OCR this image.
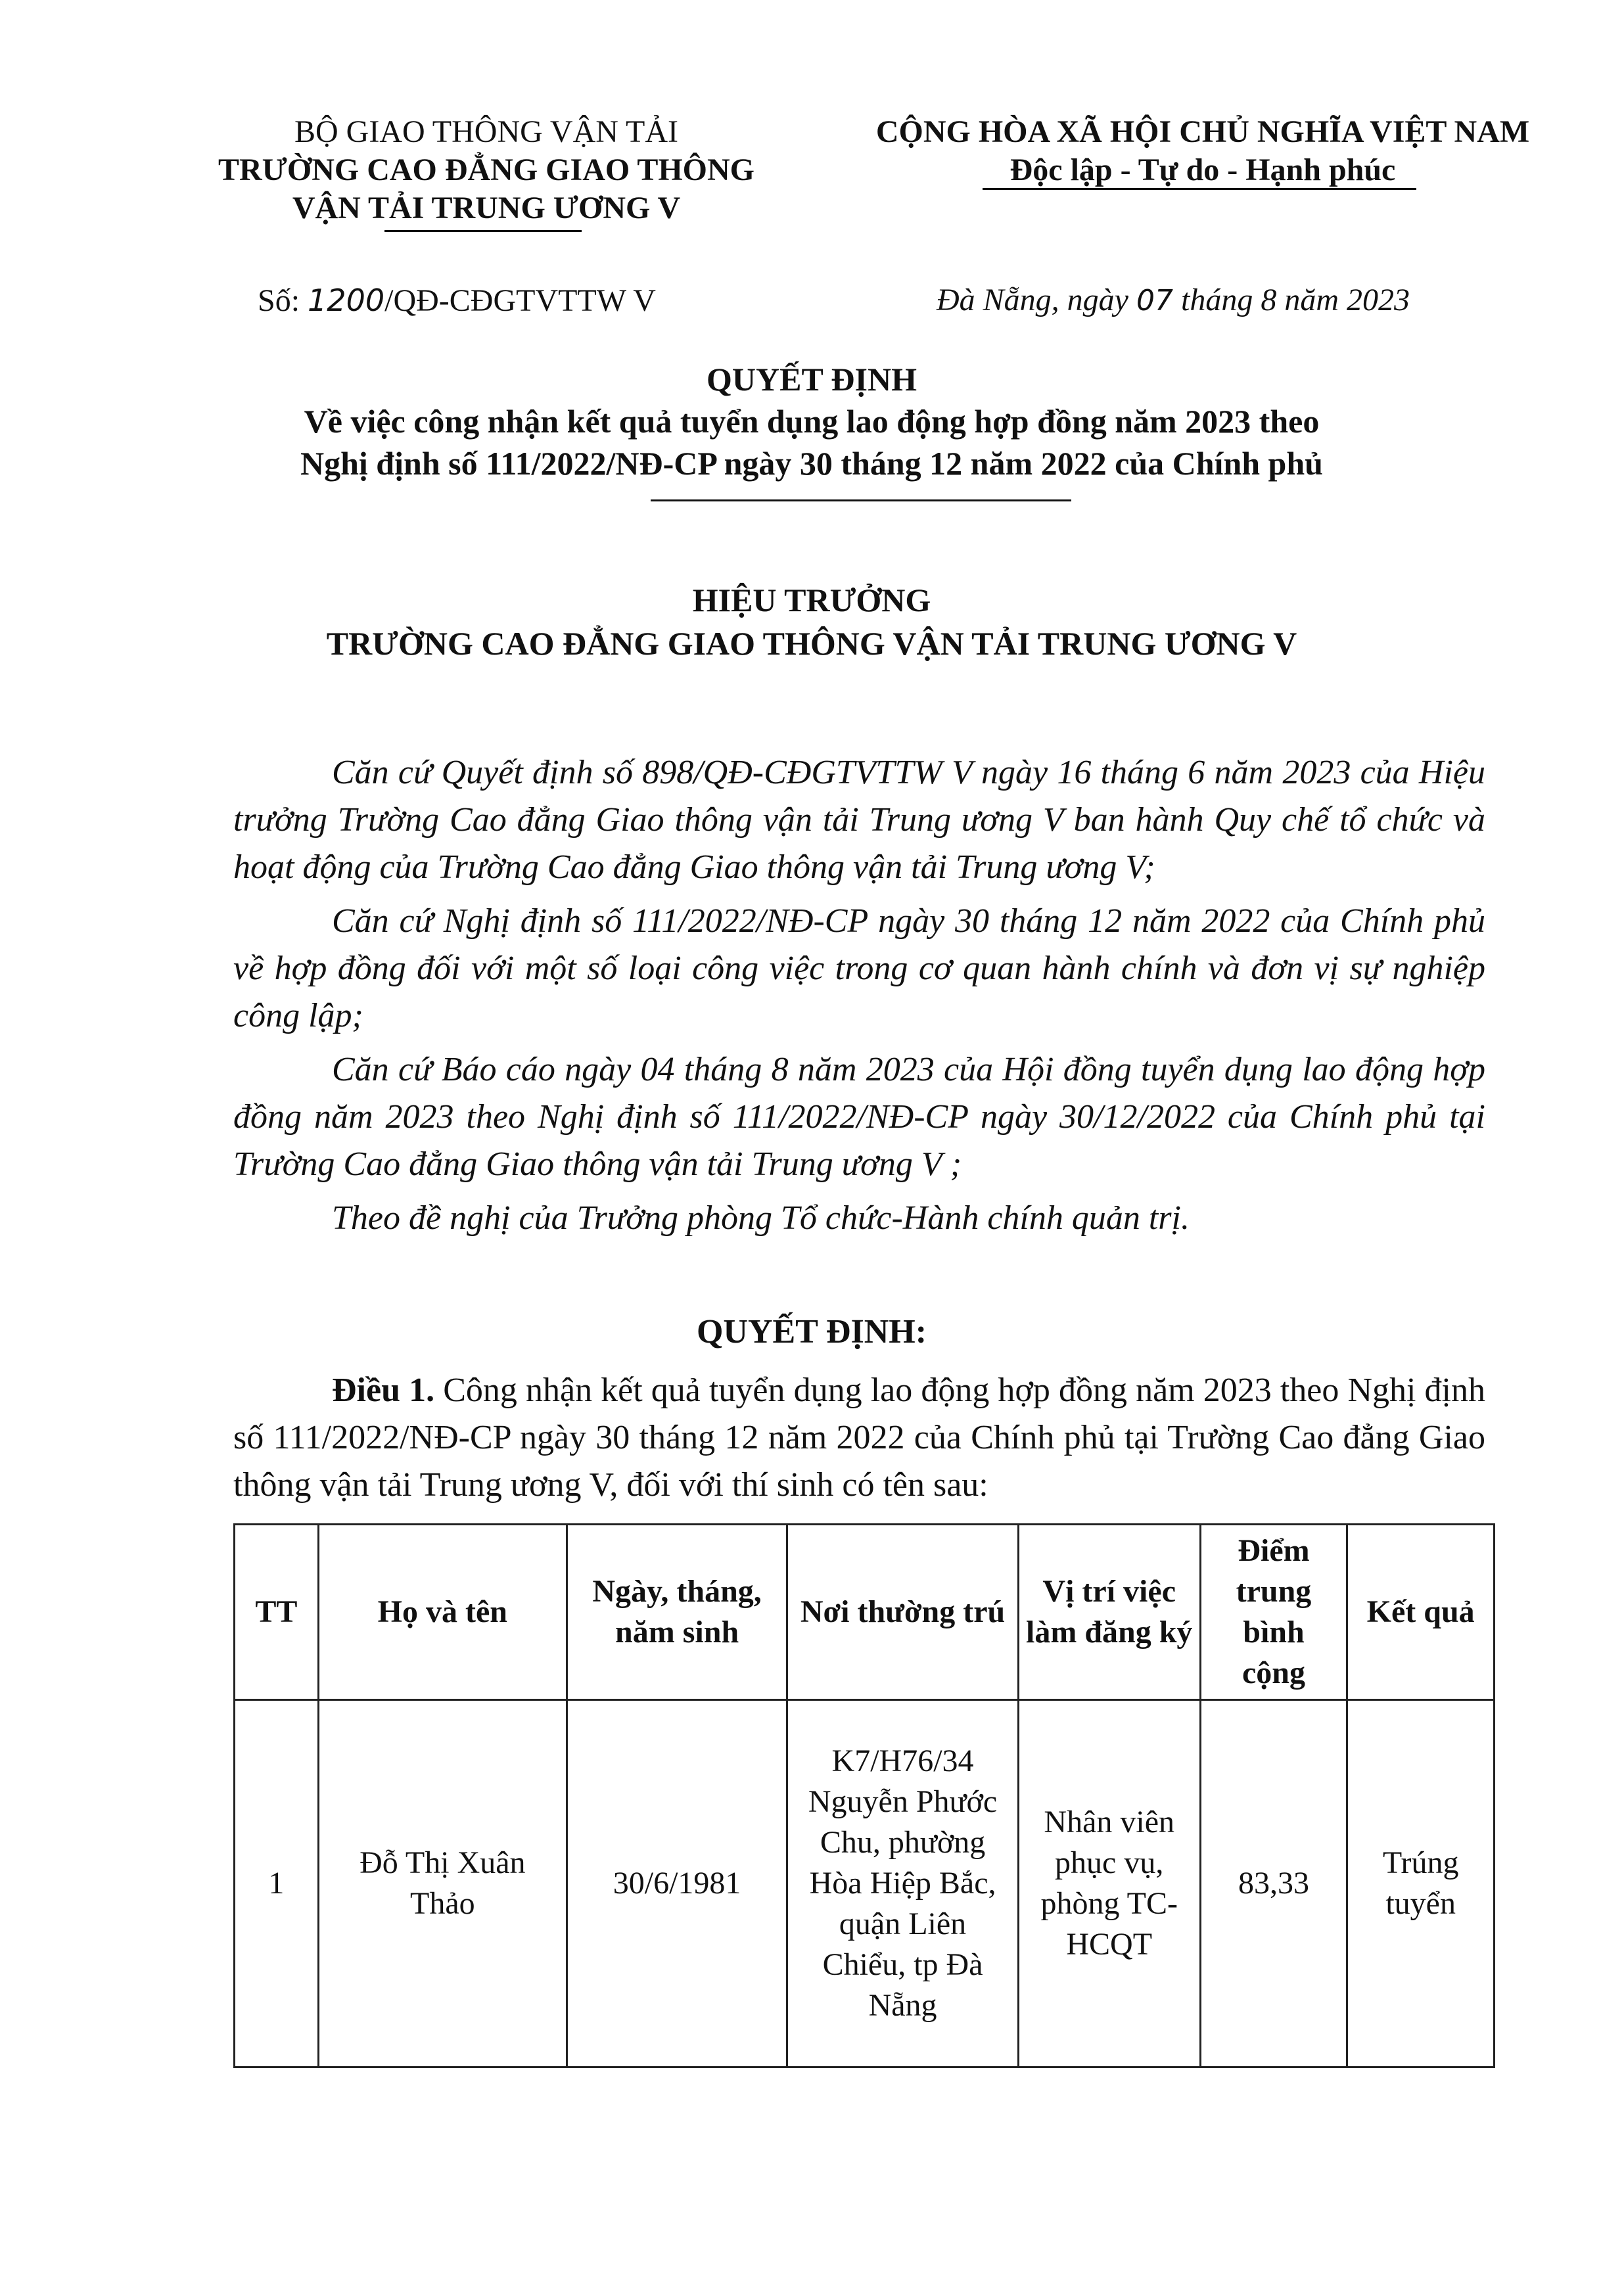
BỘ GIAO THÔNG VẬN TẢI
TRƯỜNG CAO ĐẲNG GIAO THÔNG
VẬN TẢI TRUNG ƯƠNG V
CỘNG HÒA XÃ HỘI CHỦ NGHĨA VIỆT NAM
Độc lập - Tự do - Hạnh phúc
Số: 1200/QĐ-CĐGTVTTW V	Đà Nẵng, ngày 07 tháng 8 năm 2023
QUYẾT ĐỊNH
Về việc công nhận kết quả tuyển dụng lao động hợp đồng năm 2023 theo
Nghị định số 111/2022/NĐ-CP ngày 30 tháng 12 năm 2022 của Chính phủ
HIỆU TRƯỞNG
TRƯỜNG CAO ĐẲNG GIAO THÔNG VẬN TẢI TRUNG ƯƠNG V
Căn cứ Quyết định số 898/QĐ-CĐGTVTTW V ngày 16 tháng 6 năm 2023 của Hiệu trưởng Trường Cao đẳng Giao thông vận tải Trung ương V ban hành Quy chế tổ chức và hoạt động của Trường Cao đẳng Giao thông vận tải Trung ương V;
Căn cứ Nghị định số 111/2022/NĐ-CP ngày 30 tháng 12 năm 2022 của Chính phủ về hợp đồng đối với một số loại công việc trong cơ quan hành chính và đơn vị sự nghiệp công lập;
Căn cứ Báo cáo ngày 04 tháng 8 năm 2023 của Hội đồng tuyển dụng lao động hợp đồng năm 2023 theo Nghị định số 111/2022/NĐ-CP ngày 30/12/2022 của Chính phủ tại Trường Cao đẳng Giao thông vận tải Trung ương V ;
Theo đề nghị của Trưởng phòng Tổ chức-Hành chính quản trị.
QUYẾT ĐỊNH:
Điều 1. Công nhận kết quả tuyển dụng lao động hợp đồng năm 2023 theo Nghị định số 111/2022/NĐ-CP ngày 30 tháng 12 năm 2022 của Chính phủ tại Trường Cao đẳng Giao thông vận tải Trung ương V, đối với thí sinh có tên sau:
TT	Họ và tên	Ngày, tháng, năm sinh	Nơi thường trú	Vị trí việc làm đăng ký	Điểm trung bình cộng	Kết quả
1	Đỗ Thị Xuân Thảo	30/6/1981	K7/H76/34 Nguyễn Phước Chu, phường Hòa Hiệp Bắc, quận Liên Chiểu, tp Đà Nẵng	Nhân viên phục vụ, phòng TC-HCQT	83,33	Trúng tuyển
